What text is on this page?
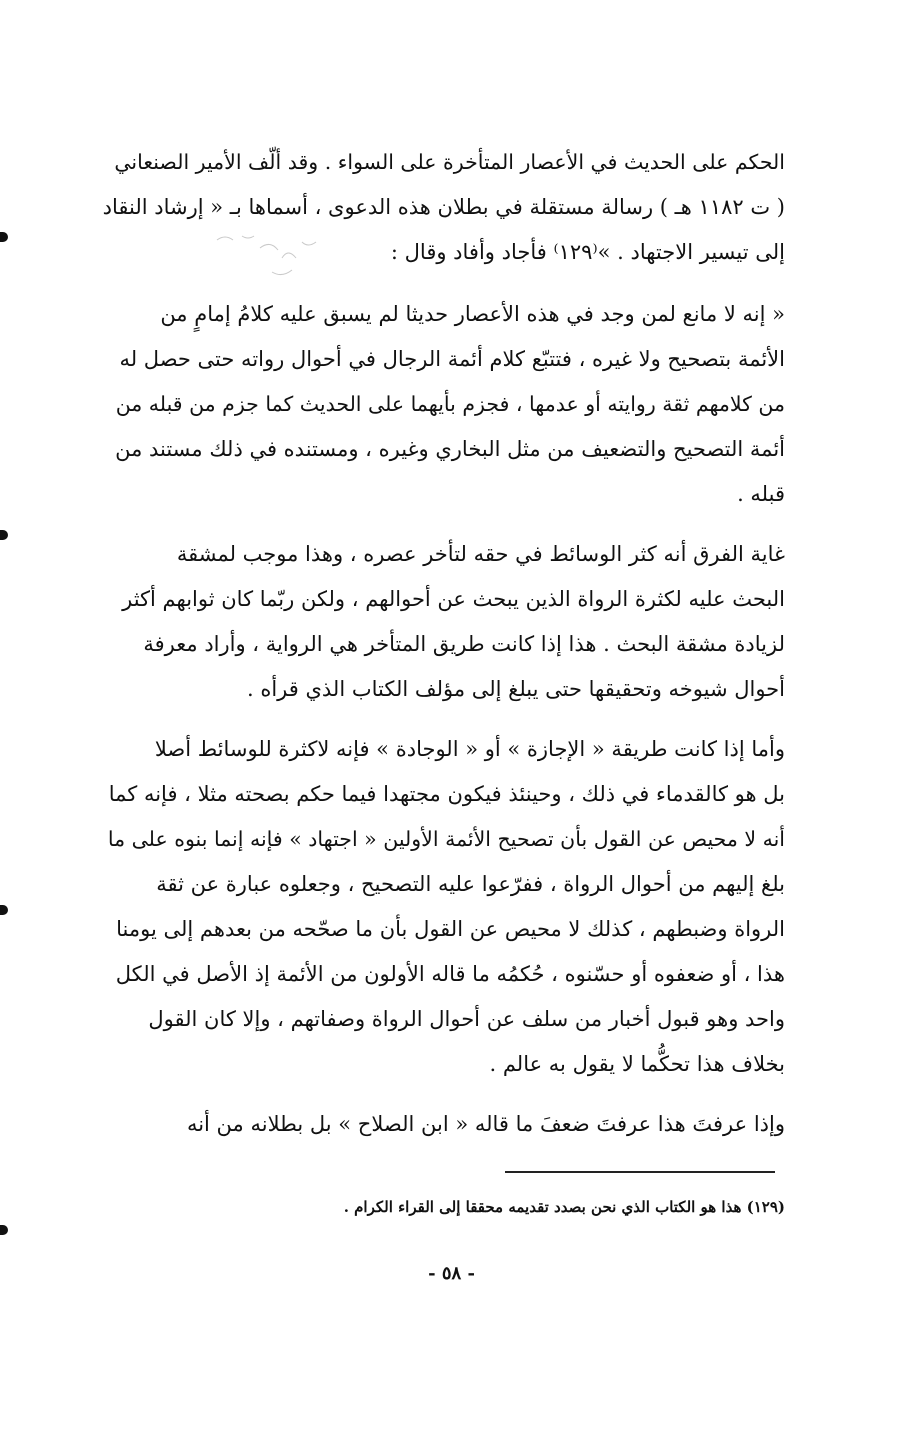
الحكم على الحديث في الأعصار المتأخرة على السواء . وقد ألّف الأمير الصنعاني
( ت ١١٨٢ هـ ) رسالة مستقلة في بطلان هذه الدعوى ، أسماها بـ « إرشاد النقاد
إلى تيسير الاجتهاد . »⁽١٢٩⁾ فأجاد وأفاد وقال :
« إنه لا مانع لمن وجد في هذه الأعصار حديثا لم يسبق عليه كلامُ إمامٍ من
الأئمة بتصحيح ولا غيره ، فتتبّع كلام أئمة الرجال في أحوال رواته حتى حصل له
من كلامهم ثقة روايته أو عدمها ، فجزم بأيهما على الحديث كما جزم من قبله من
أئمة التصحيح والتضعيف من مثل البخاري وغيره ، ومستنده في ذلك مستند من
قبله .
غاية الفرق أنه كثر الوسائط في حقه لتأخر عصره ، وهذا موجب لمشقة
البحث عليه لكثرة الرواة الذين يبحث عن أحوالهم ، ولكن ربّما كان ثوابهم أكثر
لزيادة مشقة البحث . هذا إذا كانت طريق المتأخر هي الرواية ، وأراد معرفة
أحوال شيوخه وتحقيقها حتى يبلغ إلى مؤلف الكتاب الذي قرأه .
وأما إذا كانت طريقة « الإجازة » أو « الوجادة » فإنه لاكثرة للوسائط أصلا
بل هو كالقدماء في ذلك ، وحينئذ فيكون مجتهدا فيما حكم بصحته مثلا ، فإنه كما
أنه لا محيص عن القول بأن تصحيح الأئمة الأولين « اجتهاد » فإنه إنما بنوه على ما
بلغ إليهم من أحوال الرواة ، ففرّعوا عليه التصحيح ، وجعلوه عبارة عن ثقة
الرواة وضبطهم ، كذلك لا محيص عن القول بأن ما صحّحه من بعدهم إلى يومنا
هذا ، أو ضعفوه أو حسّنوه ، حُكمُه ما قاله الأولون من الأئمة إذ الأصل في الكل
واحد وهو قبول أخبار من سلف عن أحوال الرواة وصفاتهم ، وإلا كان القول
بخلاف هذا تحكُّما لا يقول به عالم .
وإذا عرفتَ هذا عرفتَ ضعفَ ما قاله « ابن الصلاح » بل بطلانه من أنه
(١٢٩) هذا هو الكتاب الذي نحن بصدد تقديمه محققا إلى القراء الكرام .
- ٥٨ -
